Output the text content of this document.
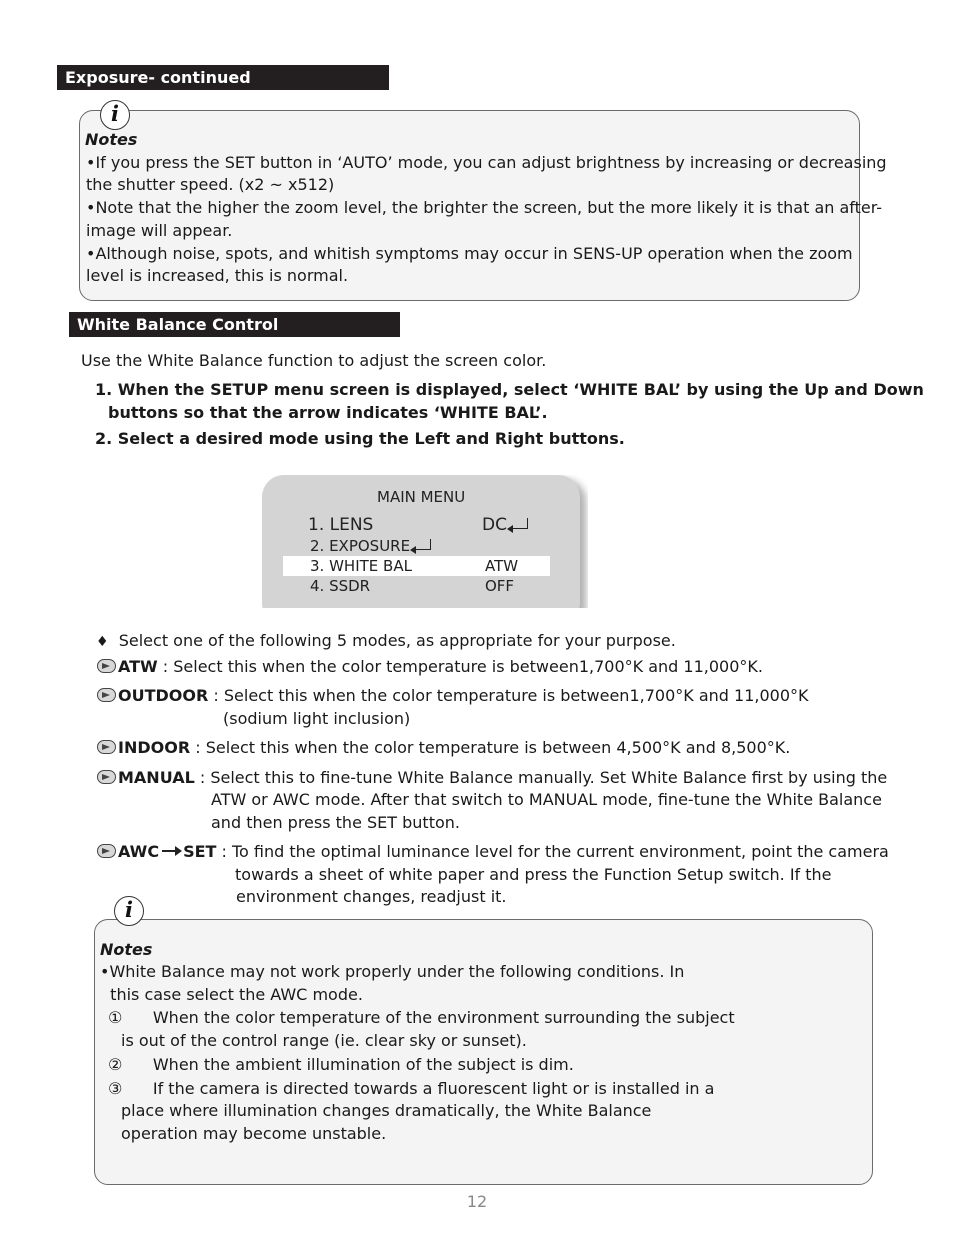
Exposure- continued
i
Notes
•If you press the SET button in ‘AUTO’ mode, you can adjust brightness by increasing or decreasing
the shutter speed. (x2 ~ x512)
•Note that the higher the zoom level, the brighter the screen, but the more likely it is that an after-
image will appear.
•Although noise, spots, and whitish symptoms may occur in SENS-UP operation when the zoom
level is increased, this is normal.
White Balance Control
Use the White Balance function to adjust the screen color.
1. When the SETUP menu screen is displayed, select ‘WHITE BAL’ by using the Up and Down
buttons so that the arrow indicates ‘WHITE BAL’.
2. Select a desired mode using the Left and Right buttons.
MAIN MENU
1. LENS	DC
2. EXPOSURE
3. WHITE BAL	ATW
4. SSDR	OFF
♦ Select one of the following 5 modes, as appropriate for your purpose.
ATW : Select this when the color temperature is between1,700°K and 11,000°K.
OUTDOOR : Select this when the color temperature is between1,700°K and 11,000°K
(sodium light inclusion)
INDOOR : Select this when the color temperature is between 4,500°K and 8,500°K.
MANUAL : Select this to fine-tune White Balance manually. Set White Balance first by using the
ATW or AWC mode. After that switch to MANUAL mode, fine-tune the White Balance
and then press the SET button.
AWC SET : To find the optimal luminance level for the current environment, point the camera
towards a sheet of white paper and press the Function Setup switch. If the
environment changes, readjust it.
i
Notes
•White Balance may not work properly under the following conditions. In
this case select the AWC mode.
①      When the color temperature of the environment surrounding the subject
is out of the control range (ie. clear sky or sunset).
②      When the ambient illumination of the subject is dim.
③      If the camera is directed towards a fluorescent light or is installed in a
place where illumination changes dramatically, the White Balance
operation may become unstable.
12
